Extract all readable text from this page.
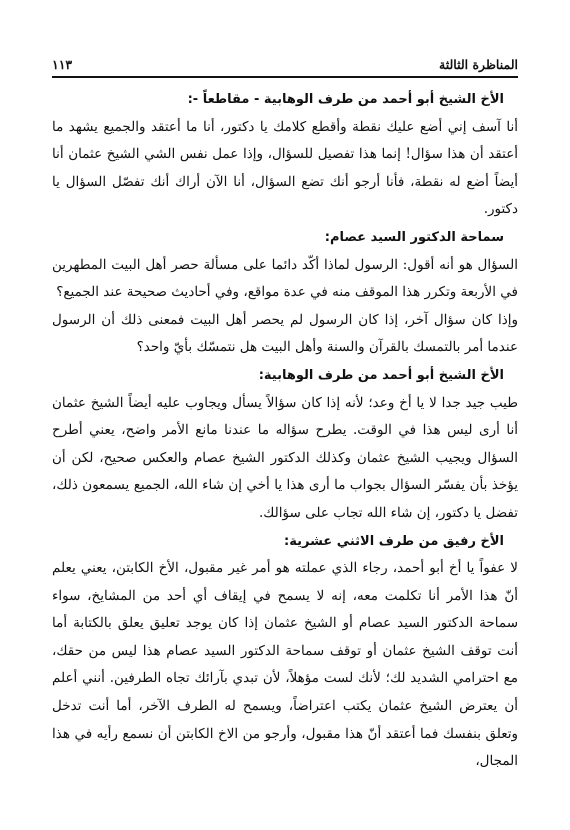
١١٣	المناظرة الثالثة

الأخ الشيخ أبو أحمد من طرف الوهابية - مقاطعاً -:

أنا آسف إني أضع عليك نقطة وأقطع كلامك يا دكتور، أنا ما أعتقد والجميع يشهد ما أعتقد أن هذا سؤال! إنما هذا تفصيل للسؤال، وإذا عمل نفس الشي الشيخ عثمان أنا أيضاً أضع له نقطة، فأنا أرجو أنك تضع السؤال، أنا الآن أراك أنك تفصّل السؤال يا دكتور.

سماحة الدكتور السيد عصام:

السؤال هو أنه أقول: الرسول لماذا أكّد دائما على مسألة حصر أهل البيت المطهرين في الأربعة وتكرر هذا الموقف منه في عدة مواقع، وفي أحاديث صحيحة عند الجميع؟

وإذا كان سؤال آخر، إذا كان الرسول لم يحصر أهل البيت فمعنى ذلك أن الرسول عندما أمر بالتمسك بالقرآن والسنة وأهل البيت هل نتمسّك بأيّ واحد؟

الأخ الشيخ أبو أحمد من طرف الوهابية:

طيب جيد جدا لا يا أخ وعد؛ لأنه إذا كان سؤالاً يسأل ويجاوب عليه أيضاً الشيخ عثمان أنا أرى ليس هذا في الوقت. يطرح سؤاله ما عندنا مانع الأمر واضح، يعني أطرح السؤال ويجيب الشيخ عثمان وكذلك الدكتور الشيخ عصام والعكس صحيح، لكن أن يؤخذ بأن يفسّر السؤال بجواب ما أرى هذا يا أخي إن شاء الله، الجميع يسمعون ذلك، تفضل يا دكتور، إن شاء الله تجاب على سؤالك.

الأخ رفيق من طرف الاثني عشرية:

لا عفواً يا أخ أبو أحمد، رجاء الذي عملته هو أمر غير مقبول، الأخ الكابتن، يعني يعلم أنّ هذا الأمر أنا تكلمت معه، إنه لا يسمح في إيقاف أي أحد من المشايخ، سواء سماحة الدكتور السيد عصام أو الشيخ عثمان إذا كان يوجد تعليق يعلق بالكتابة أما أنت توقف الشيخ عثمان أو توقف سماحة الدكتور السيد عصام هذا ليس من حقك، مع احترامي الشديد لك؛ لأنك لست مؤهلاً، لأن تبدي بآرائك تجاه الطرفين. أنني أعلم أن يعترض الشيخ عثمان يكتب اعتراضاً، ويسمح له الطرف الآخر، أما أنت تدخل وتعلق بنفسك فما أعتقد أنّ هذا مقبول، وأرجو من الاخ الكابتن أن نسمع رأيه في هذا المجال،
